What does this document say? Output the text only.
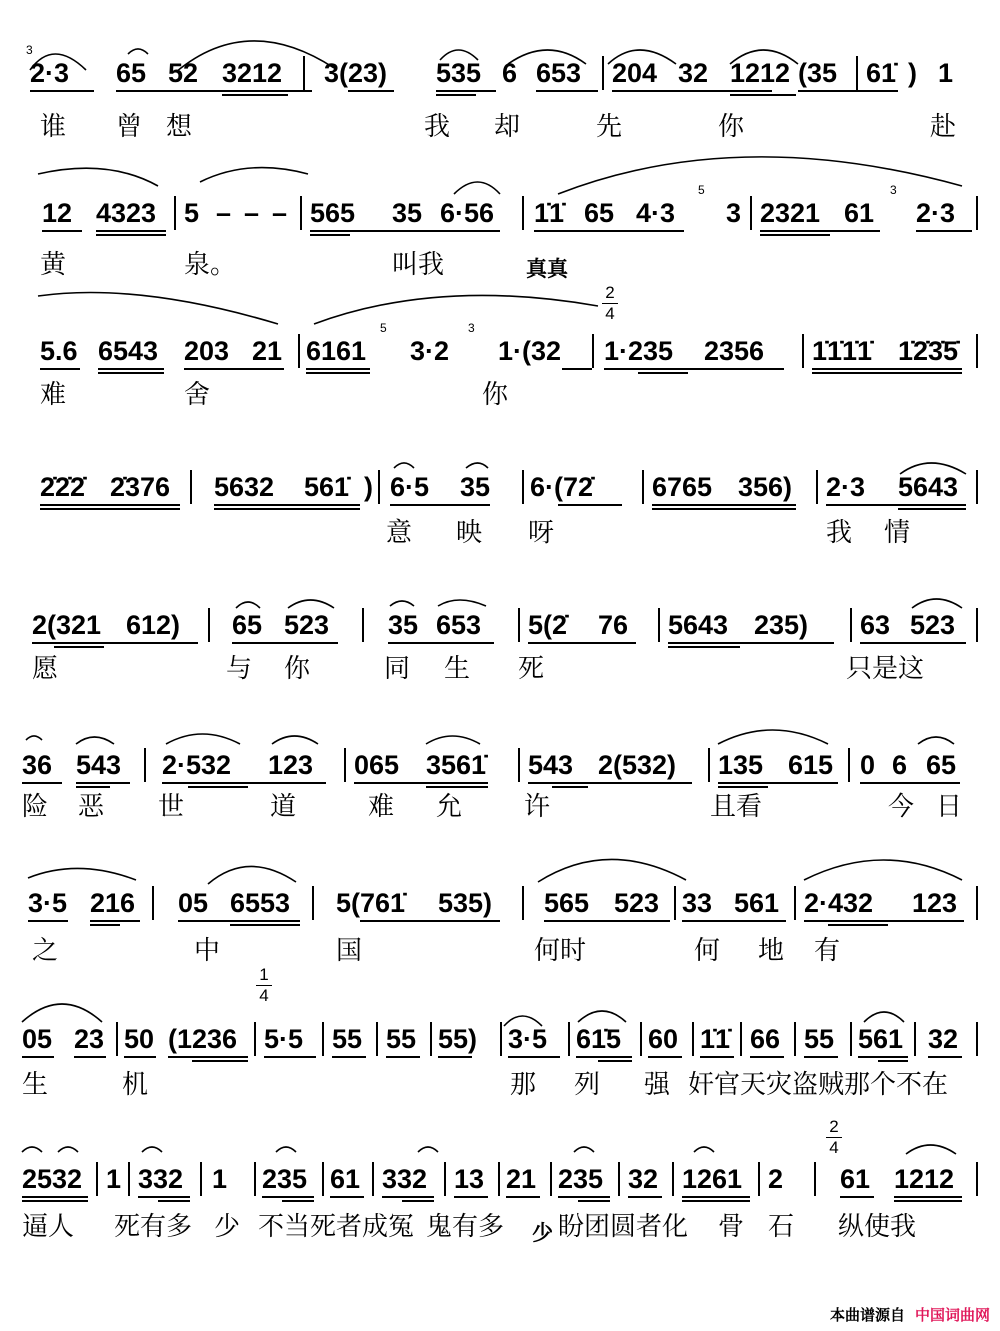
3
2·3 65 52 3212 3(23) 535 6 653 204 32 1212 (35 61̇ ) 1
谁 曾 想	我 却	先	你	赴
12 4323 5 – – – 565 35 6·56 1̇1̇ 65 4·3
5
3 2321 61
3
2·3
黄	泉。	叫我	真真
2
4
5.6 6543 203 21 6161
5
3·2
3
1·(32 1·235 2356 1̇1̇1̇1̇ 1̇2̇3̇5̇
难	舍	你
2̇2̇2̇ 2̇376 5632 561̇ ) 6·5 35 6·(72̇ 6765 356) 2·3 5643
意 映 呀	我 情
2(321 612) 65 523 35 653 5(2̇ 76 5643 235) 63 523
愿	与 你	同 生 死	只是这
36 543 2·532 123 065 3561̇ 543 2(532) 135 615 0 6 65
险 恶 世	道	难 允 许	且看	今 日
3·5 216 05 6553 5(761̇ 535) 565 523 33 561 2·432 123
之	中	国	何时	何 地 有
1
4
05 23 50 (1236 5·5 55 55 55) 3·5 61̇5 60 1̇1̇ 66 55 561 32
生	机	那 列 强 奸官天灾盗贼那个不在
2
4
2532 1 332 1 235 61 332 13 21 235 32 1261 2 61 1212
逼人 死有多 少 不当死者成冤 鬼有多 少 盼团圆者化 骨 石 纵使我
本曲谱源自 中国词曲网
